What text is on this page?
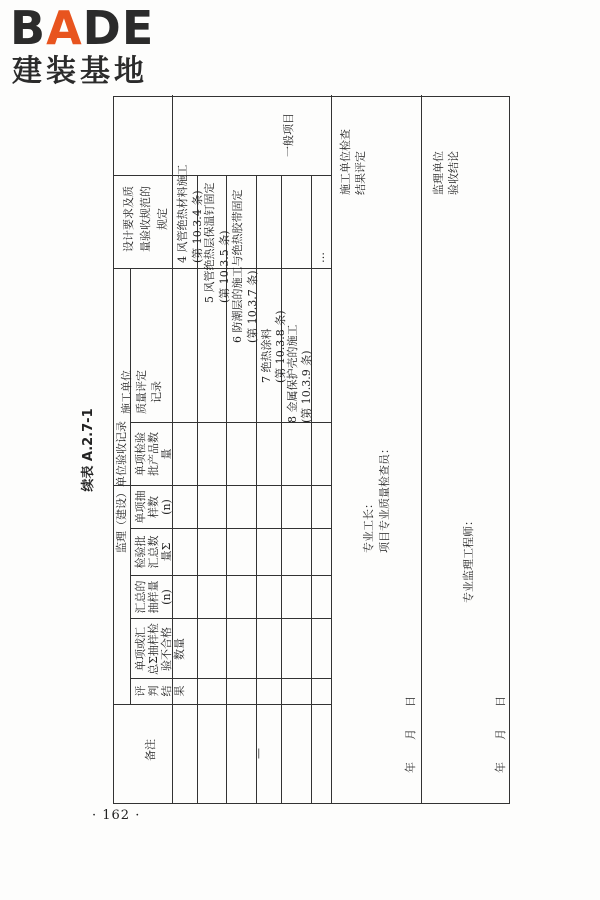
BADE
建装基地
续表 A.2.7-1
设计要求及质量验收规范的规定
施工单位质量评定记录
监理（建设）单位验收记录 单项检验批产品数量
单项抽样数(n)
检验批汇总数量Σ
汇总的抽样量(n)
单项或汇总Σ抽样检验不合格数量
评判结果
备注
一般项目
4 风管绝热材料施工 (第 10.3.4 条) 5 风管绝热层保温钉固定 (第 10.3.5 条) 6 防潮层的施工与绝热胶带固定 (第 10.3.7 条)
7 绝热涂料 (第 10.3.8 条) 8 金属保护壳的施工 (第 10.3.9 条)
…
—
施工单位检查 结果评定
专业工长： 项目专业质量检查员：
年　　月　　日
监理单位 验收结论
专业监理工程师：
年　　月　　日
· 162 ·
